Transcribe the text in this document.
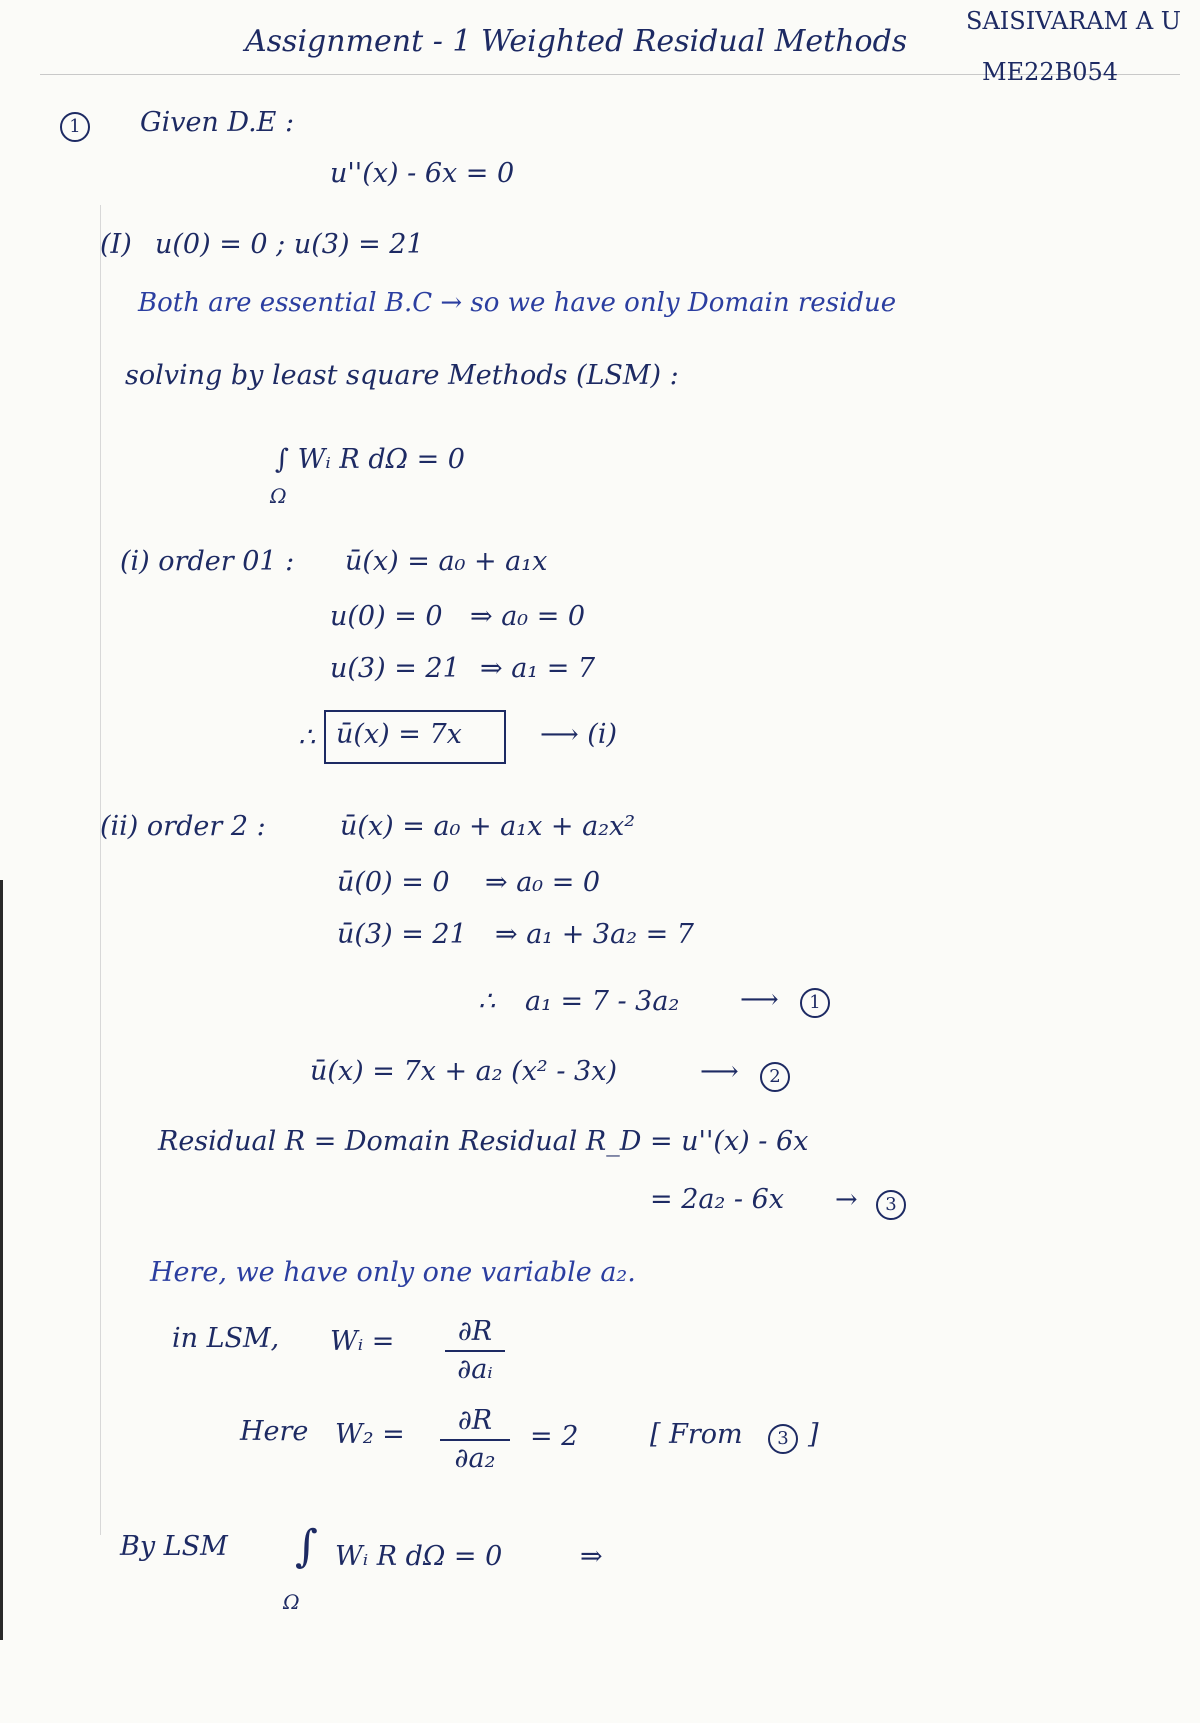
Assignment - 1 Weighted Residual Methods
SAISIVARAM A U
ME22B054
1	Given D.E :
u''(x) - 6x = 0
(I) u(0) = 0 ; u(3) = 21
Both are essential B.C → so we have only Domain residue
solving by least square Methods (LSM) :
∫ Wᵢ R dΩ = 0
Ω
(i) order 01 : ū(x) = a₀ + a₁x
u(0) = 0 ⇒ a₀ = 0
u(3) = 21 ⇒ a₁ = 7
∴ ū(x) = 7x	⟶ (i)
(ii) order 2 :	ū(x) = a₀ + a₁x + a₂x²
ū(0) = 0 ⇒ a₀ = 0
ū(3) = 21 ⇒ a₁ + 3a₂ = 7
∴ a₁ = 7 - 3a₂ ⟶	1
ū(x) = 7x + a₂ (x² - 3x)	⟶	2
Residual R = Domain Residual R_D = u''(x) - 6x
= 2a₂ - 6x →	3
Here, we have only one variable a₂.
in LSM, Wᵢ =	∂R
∂aᵢ
Here W₂ =	∂R
∂a₂
= 2	[ From	3 ]
By LSM ∫ Wᵢ R dΩ = 0
Ω
⇒
